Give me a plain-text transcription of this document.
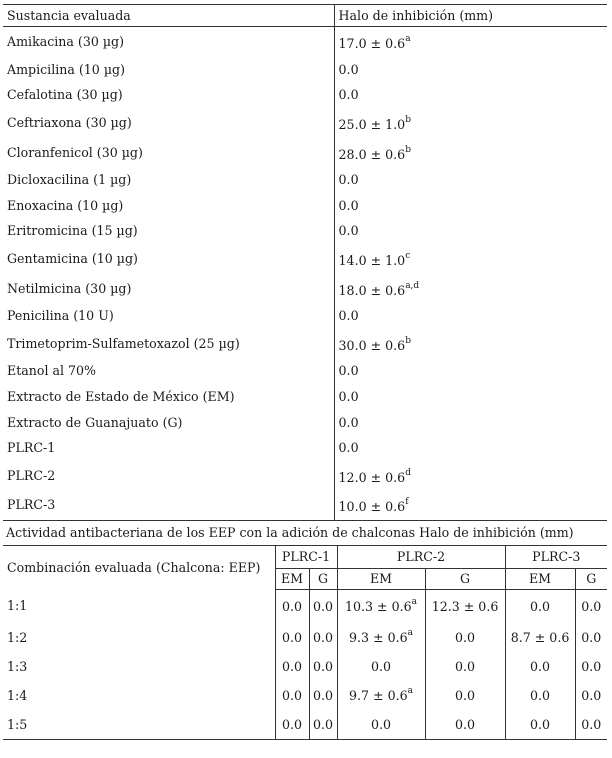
Sustancia evaluada	Halo de inhibición (mm)
Amikacina (30 µg)	17.0 ± 0.6$^a$
Ampicilina (10 µg)	0.0
Cefalotina (30 µg)	0.0
Ceftriaxona (30 µg)	25.0 ± 1.0$^b$
Cloranfenicol (30 µg)	28.0 ± 0.6$^b$
Dicloxacilina (1 µg)	0.0
Enoxacina (10 µg)	0.0
Eritromicina (15 µg)	0.0
Gentamicina (10 µg)	14.0 ± 1.0$^c$
Netilmicina (30 µg)	$18.0 \pm 0.6^{a,d}$
Penicilina (10 U)	0.0
Trimetoprim-Sulfametoxazol (25 µg)	30.0 ± 0.6$^b$
Etanol al 70%	0.0
Extracto de Estado de México (EM)	0.0
Extracto de Guanajuato (G)	0.0
PLRC-1	0.0
PLRC-2	12.0 ± 0.6$^d$
PLRC-3	10.0 ± 0.6$^f$
Actividad antibacteriana de los EEP con la adición de chalconas Halo de inhibición (mm)
Combinación evaluada (Chalcona: EEP)	PLRC-1		PLRC-2		PLRC-3	
	EM	G	EM	G	EM	G
1:1	0.0	0.0	10.3 ± 0.6$^a$	12.3 ± 0.6	0.0	0.0
1:2	0.0	0.0	9.3 ± 0.6$^a$	0.0	8.7 ± 0.6	0.0
1:3	0.0	0.0	0.0	0.0	0.0	0.0
1:4	0.0	0.0	9.7 ± 0.6$^a$	0.0	0.0	0.0
1:5	0.0	0.0	0.0	0.0	0.0	0.0
